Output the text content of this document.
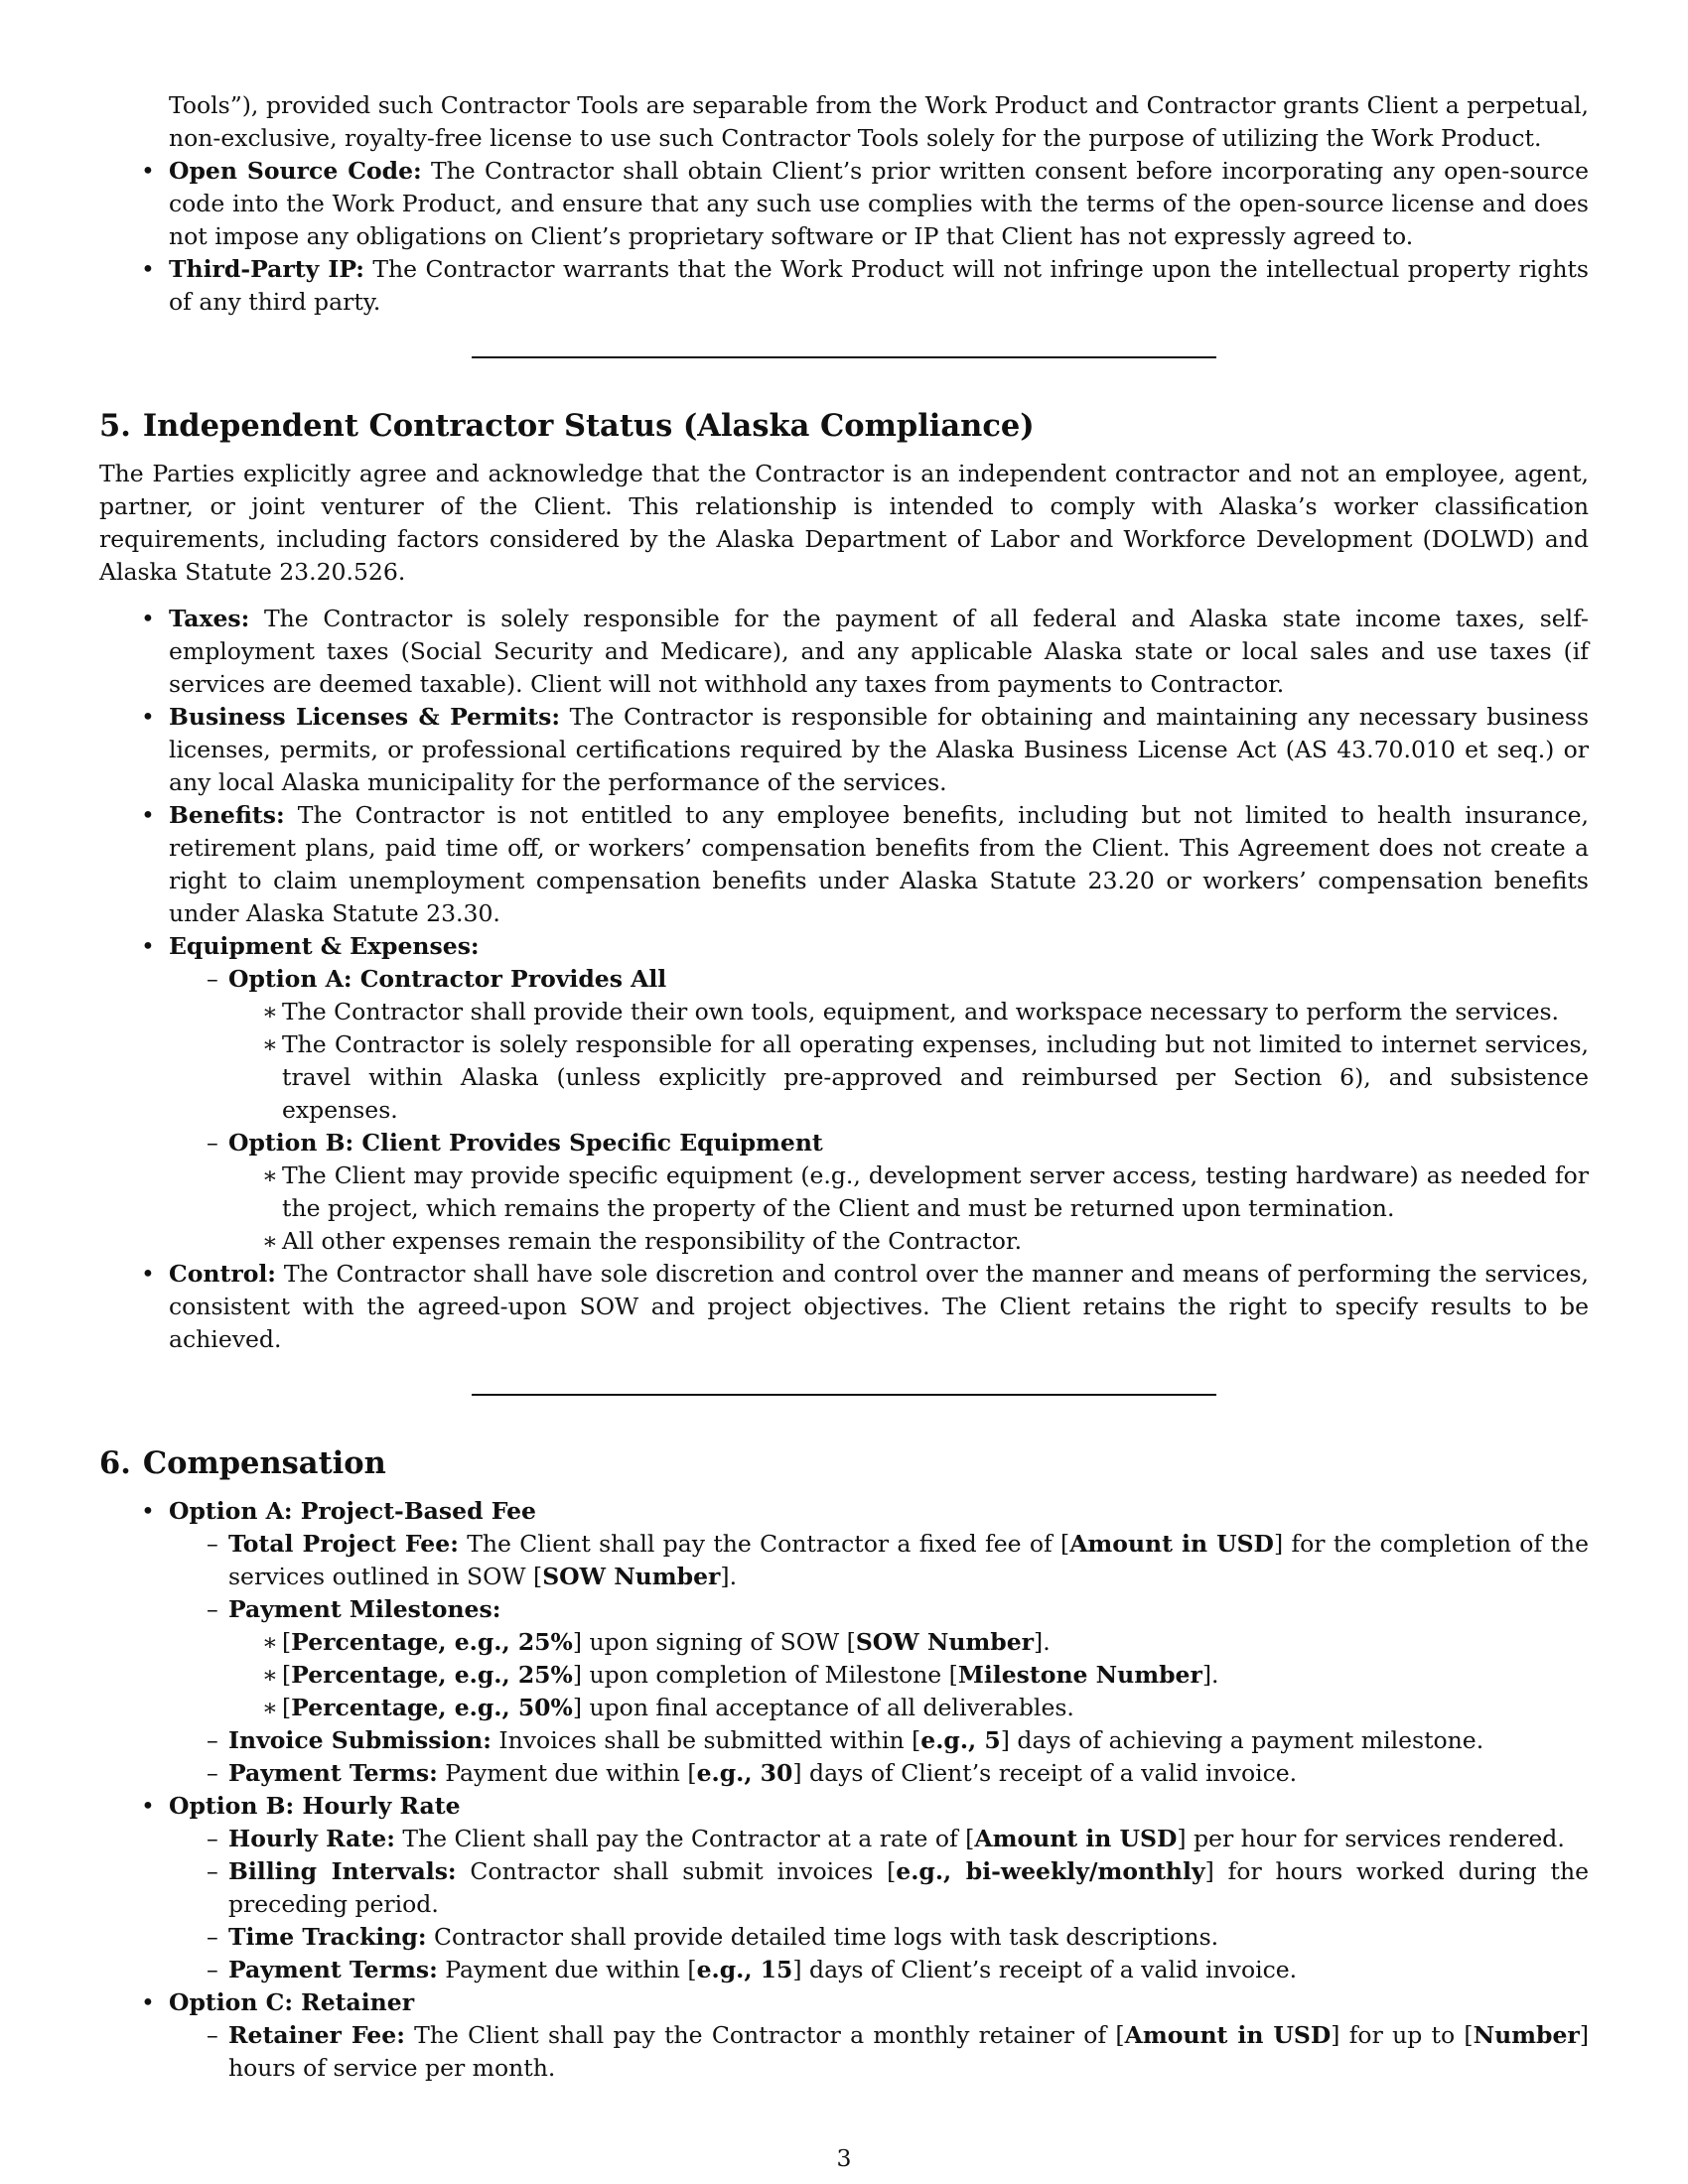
Tools”), provided such Contractor Tools are separable from the Work Product and Contractor grants Client a perpetual, non-exclusive, royalty-free license to use such Contractor Tools solely for the purpose of utilizing the Work Product.
• Open Source Code: The Contractor shall obtain Client’s prior written consent before incorporating any open-source code into the Work Product, and ensure that any such use complies with the terms of the open-source license and does not impose any obligations on Client’s proprietary software or IP that Client has not expressly agreed to.
• Third-Party IP: The Contractor warrants that the Work Product will not infringe upon the intellectual property rights of any third party.
5. Independent Contractor Status (Alaska Compliance)

The Parties explicitly agree and acknowledge that the Contractor is an independent contractor and not an employee, agent, partner, or joint venturer of the Client. This relationship is intended to comply with Alaska’s worker classification requirements, including factors considered by the Alaska Department of Labor and Workforce Development (DOLWD) and Alaska Statute 23.20.526.

• Taxes: The Contractor is solely responsible for the payment of all federal and Alaska state income taxes, self-employment taxes (Social Security and Medicare), and any applicable Alaska state or local sales and use taxes (if services are deemed taxable). Client will not withhold any taxes from payments to Contractor.
• Business Licenses & Permits: The Contractor is responsible for obtaining and maintaining any necessary business licenses, permits, or professional certifications required by the Alaska Business License Act (AS 43.70.010 et seq.) or any local Alaska municipality for the performance of the services.
• Benefits: The Contractor is not entitled to any employee benefits, including but not limited to health insurance, retirement plans, paid time off, or workers’ compensation benefits from the Client. This Agreement does not create a right to claim unemployment compensation benefits under Alaska Statute 23.20 or workers’ compensation benefits under Alaska Statute 23.30.
• Equipment & Expenses:
– Option A: Contractor Provides All
∗ The Contractor shall provide their own tools, equipment, and workspace necessary to perform the services.
∗ The Contractor is solely responsible for all operating expenses, including but not limited to internet services, travel within Alaska (unless explicitly pre-approved and reimbursed per Section 6), and subsistence expenses.
– Option B: Client Provides Specific Equipment
∗ The Client may provide specific equipment (e.g., development server access, testing hardware) as needed for the project, which remains the property of the Client and must be returned upon termination.
∗ All other expenses remain the responsibility of the Contractor.
• Control: The Contractor shall have sole discretion and control over the manner and means of performing the services, consistent with the agreed-upon SOW and project objectives. The Client retains the right to specify results to be achieved.
6. Compensation
• Option A: Project-Based Fee
– Total Project Fee: The Client shall pay the Contractor a fixed fee of [Amount in USD] for the completion of the services outlined in SOW [SOW Number].
– Payment Milestones:
∗ [Percentage, e.g., 25%] upon signing of SOW [SOW Number].
∗ [Percentage, e.g., 25%] upon completion of Milestone [Milestone Number].
∗ [Percentage, e.g., 50%] upon final acceptance of all deliverables.
– Invoice Submission: Invoices shall be submitted within [e.g., 5] days of achieving a payment milestone.
– Payment Terms: Payment due within [e.g., 30] days of Client’s receipt of a valid invoice.
• Option B: Hourly Rate
– Hourly Rate: The Client shall pay the Contractor at a rate of [Amount in USD] per hour for services rendered.
– Billing Intervals: Contractor shall submit invoices [e.g., bi-weekly/monthly] for hours worked during the preceding period.
– Time Tracking: Contractor shall provide detailed time logs with task descriptions.
– Payment Terms: Payment due within [e.g., 15] days of Client’s receipt of a valid invoice.
• Option C: Retainer
– Retainer Fee: The Client shall pay the Contractor a monthly retainer of [Amount in USD] for up to [Number] hours of service per month.
3
